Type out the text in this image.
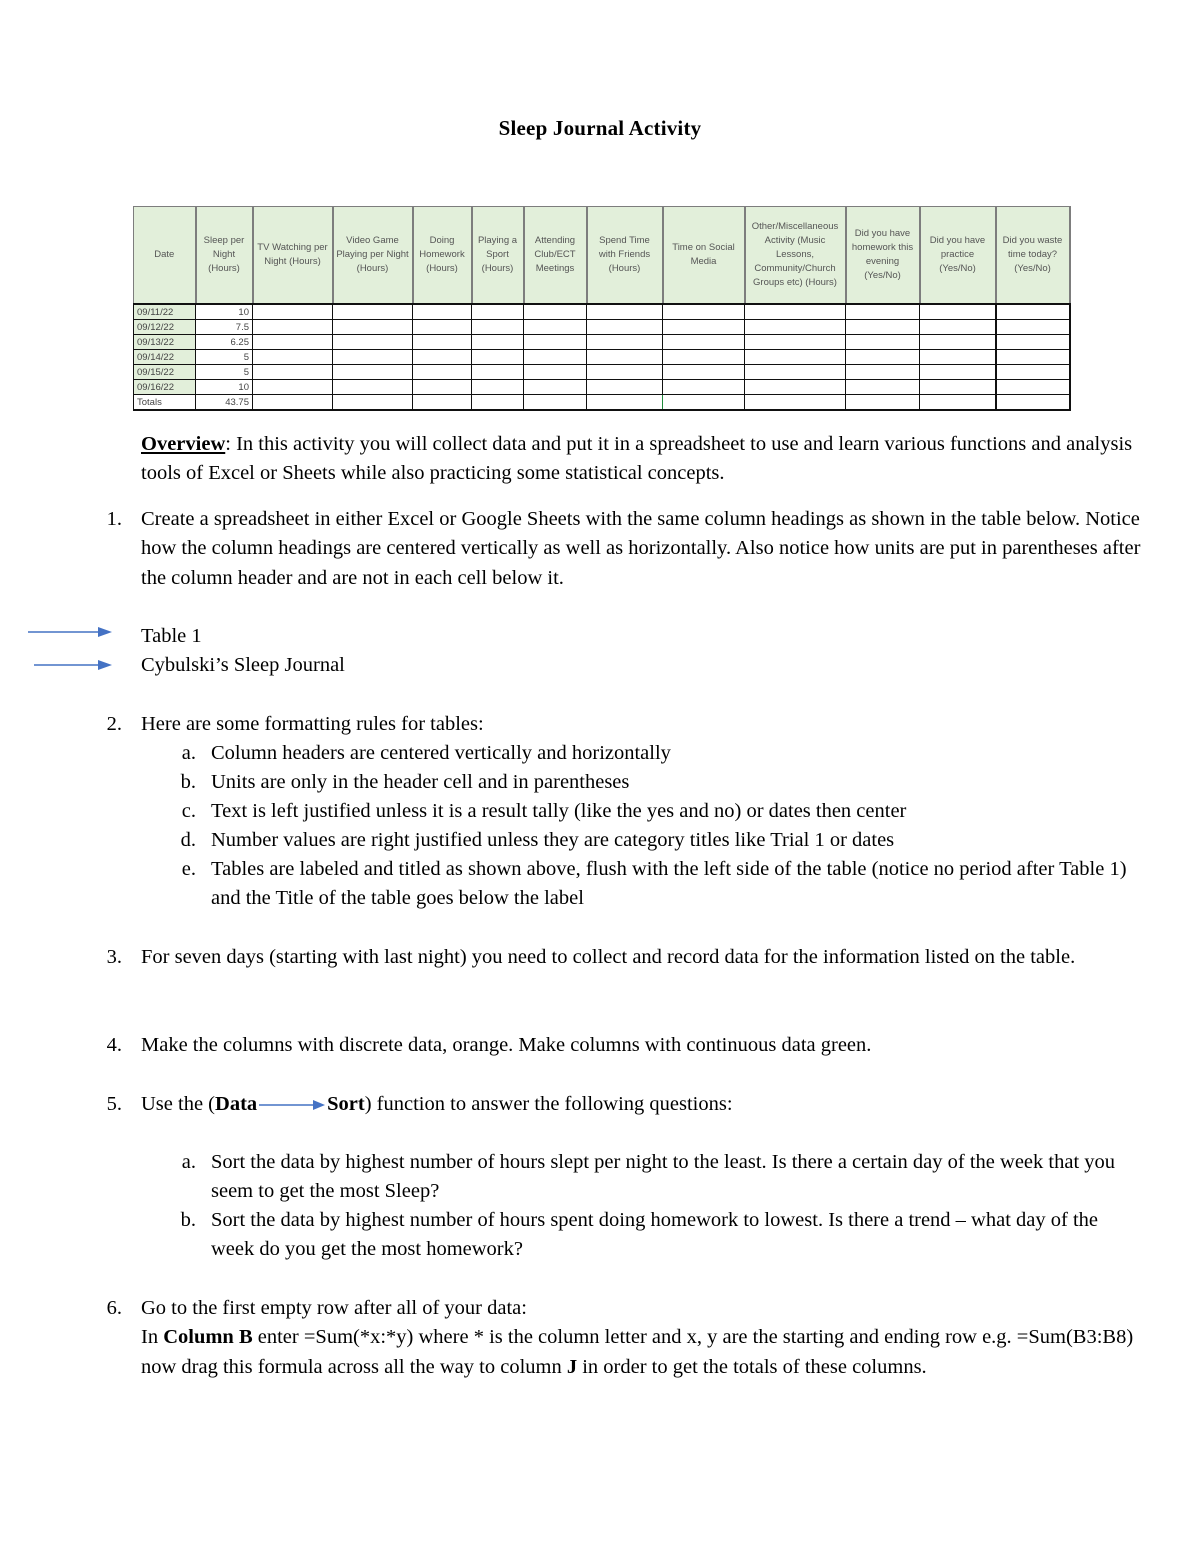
Sleep Journal Activity
Date	Sleep per Night (Hours)	TV Watching per Night (Hours)	Video Game Playing per Night (Hours)	Doing Homework (Hours)	Playing a Sport (Hours)	Attending Club/ECT Meetings	Spend Time with Friends (Hours)	Time on Social Media	Other/Miscellaneous Activity (Music Lessons, Community/Church Groups etc) (Hours)	Did you have homework this evening (Yes/No)	Did you have practice (Yes/No)	Did you waste time today? (Yes/No)
09/11/22	10											
09/12/22	7.5											
09/13/22	6.25											
09/14/22	5											
09/15/22	5											
09/16/22	10											
Totals	43.75											
Overview: In this activity you will collect data and put it in a spreadsheet to use and learn various functions and analysis tools of Excel or Sheets while also practicing some statistical concepts.
1. Create a spreadsheet in either Excel or Google Sheets with the same column headings as shown in the table below. Notice how the column headings are centered vertically as well as horizontally. Also notice how units are put in parentheses after the column header and are not in each cell below it.
Table 1
Cybulski’s Sleep Journal
2. Here are some formatting rules for tables:
a. Column headers are centered vertically and horizontally
b. Units are only in the header cell and in parentheses
c. Text is left justified unless it is a result tally (like the yes and no) or dates then center
d. Number values are right justified unless they are category titles like Trial 1 or dates
e. Tables are labeled and titled as shown above, flush with the left side of the table (notice no period after Table 1) and the Title of the table goes below the label
3. For seven days (starting with last night) you need to collect and record data for the information listed on the table.
4. Make the columns with discrete data, orange. Make columns with continuous data green.
5. Use the (Data	Sort) function to answer the following questions:
a. Sort the data by highest number of hours slept per night to the least. Is there a certain day of the week that you seem to get the most Sleep?
b. Sort the data by highest number of hours spent doing homework to lowest. Is there a trend – what day of the week do you get the most homework?
6. Go to the first empty row after all of your data:
In Column B enter =Sum(*x:*y) where * is the column letter and x, y are the starting and ending row e.g. =Sum(B3:B8) now drag this formula across all the way to column J in order to get the totals of these columns.
